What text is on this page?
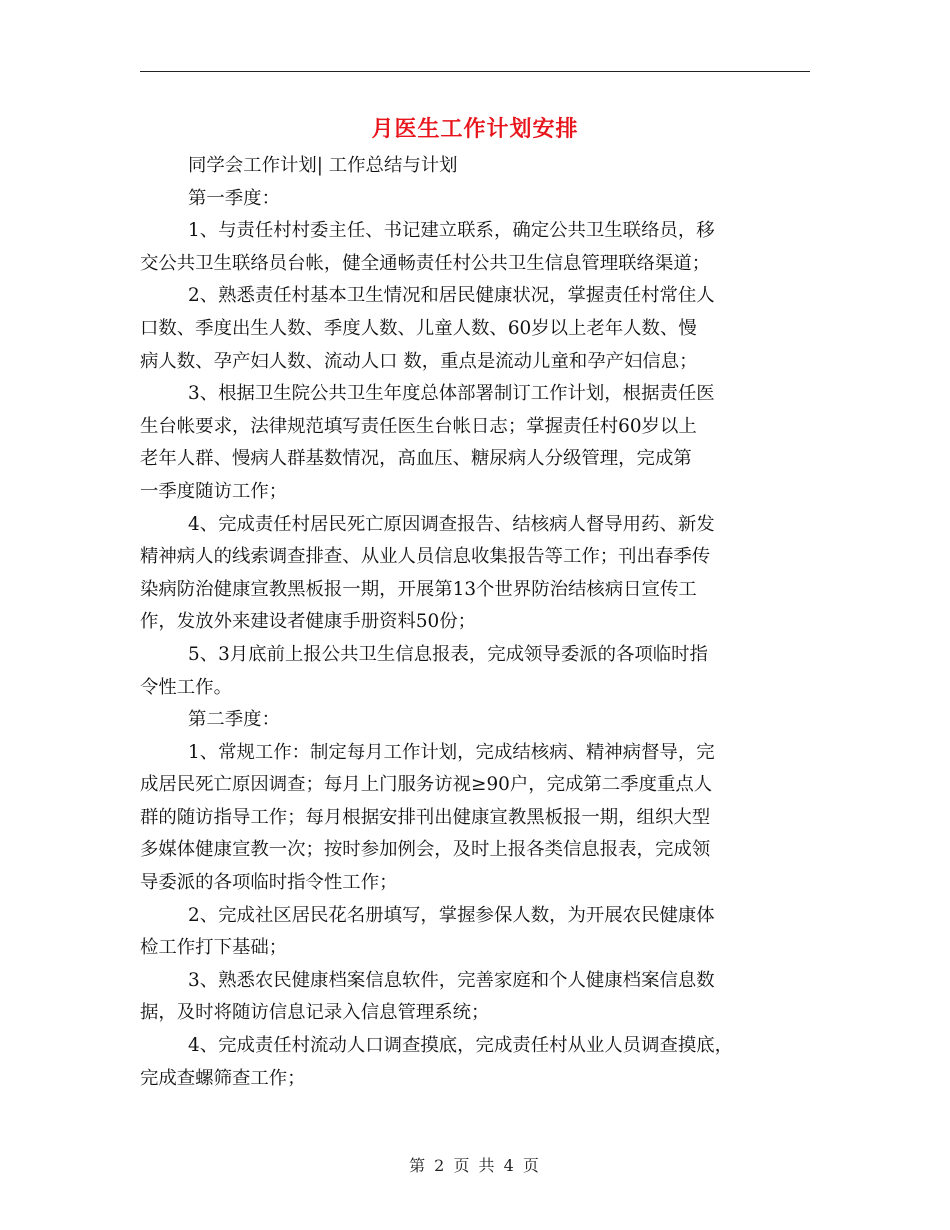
月医生工作计划安排
同学会工作计划| 工作总结与计划
第一季度：
1、与责任村村委主任、书记建立联系，确定公共卫生联络员，移
交公共卫生联络员台帐，健全通畅责任村公共卫生信息管理联络渠道；
2、熟悉责任村基本卫生情况和居民健康状况，掌握责任村常住人
口数、季度出生人数、季度人数、儿童人数、60岁以上老年人数、慢
病人数、孕产妇人数、流动人口 数，重点是流动儿童和孕产妇信息；
3、根据卫生院公共卫生年度总体部署制订工作计划，根据责任医
生台帐要求，法律规范填写责任医生台帐日志；掌握责任村60岁以上
老年人群、慢病人群基数情况，高血压、糖尿病人分级管理，完成第
一季度随访工作；
4、完成责任村居民死亡原因调查报告、结核病人督导用药、新发
精神病人的线索调查排查、从业人员信息收集报告等工作；刊出春季传
染病防治健康宣教黑板报一期，开展第13个世界防治结核病日宣传工
作，发放外来建设者健康手册资料50份；
5、3月底前上报公共卫生信息报表，完成领导委派的各项临时指
令性工作。
第二季度：
1、常规工作：制定每月工作计划，完成结核病、精神病督导，完
成居民死亡原因调查；每月上门服务访视≥90户，完成第二季度重点人
群的随访指导工作；每月根据安排刊出健康宣教黑板报一期，组织大型
多媒体健康宣教一次；按时参加例会，及时上报各类信息报表，完成领
导委派的各项临时指令性工作；
2、完成社区居民花名册填写，掌握参保人数，为开展农民健康体
检工作打下基础；
3、熟悉农民健康档案信息软件，完善家庭和个人健康档案信息数
据，及时将随访信息记录入信息管理系统；
4、完成责任村流动人口调查摸底，完成责任村从业人员调查摸底，
完成查螺筛查工作；
第 2 页 共 4 页
